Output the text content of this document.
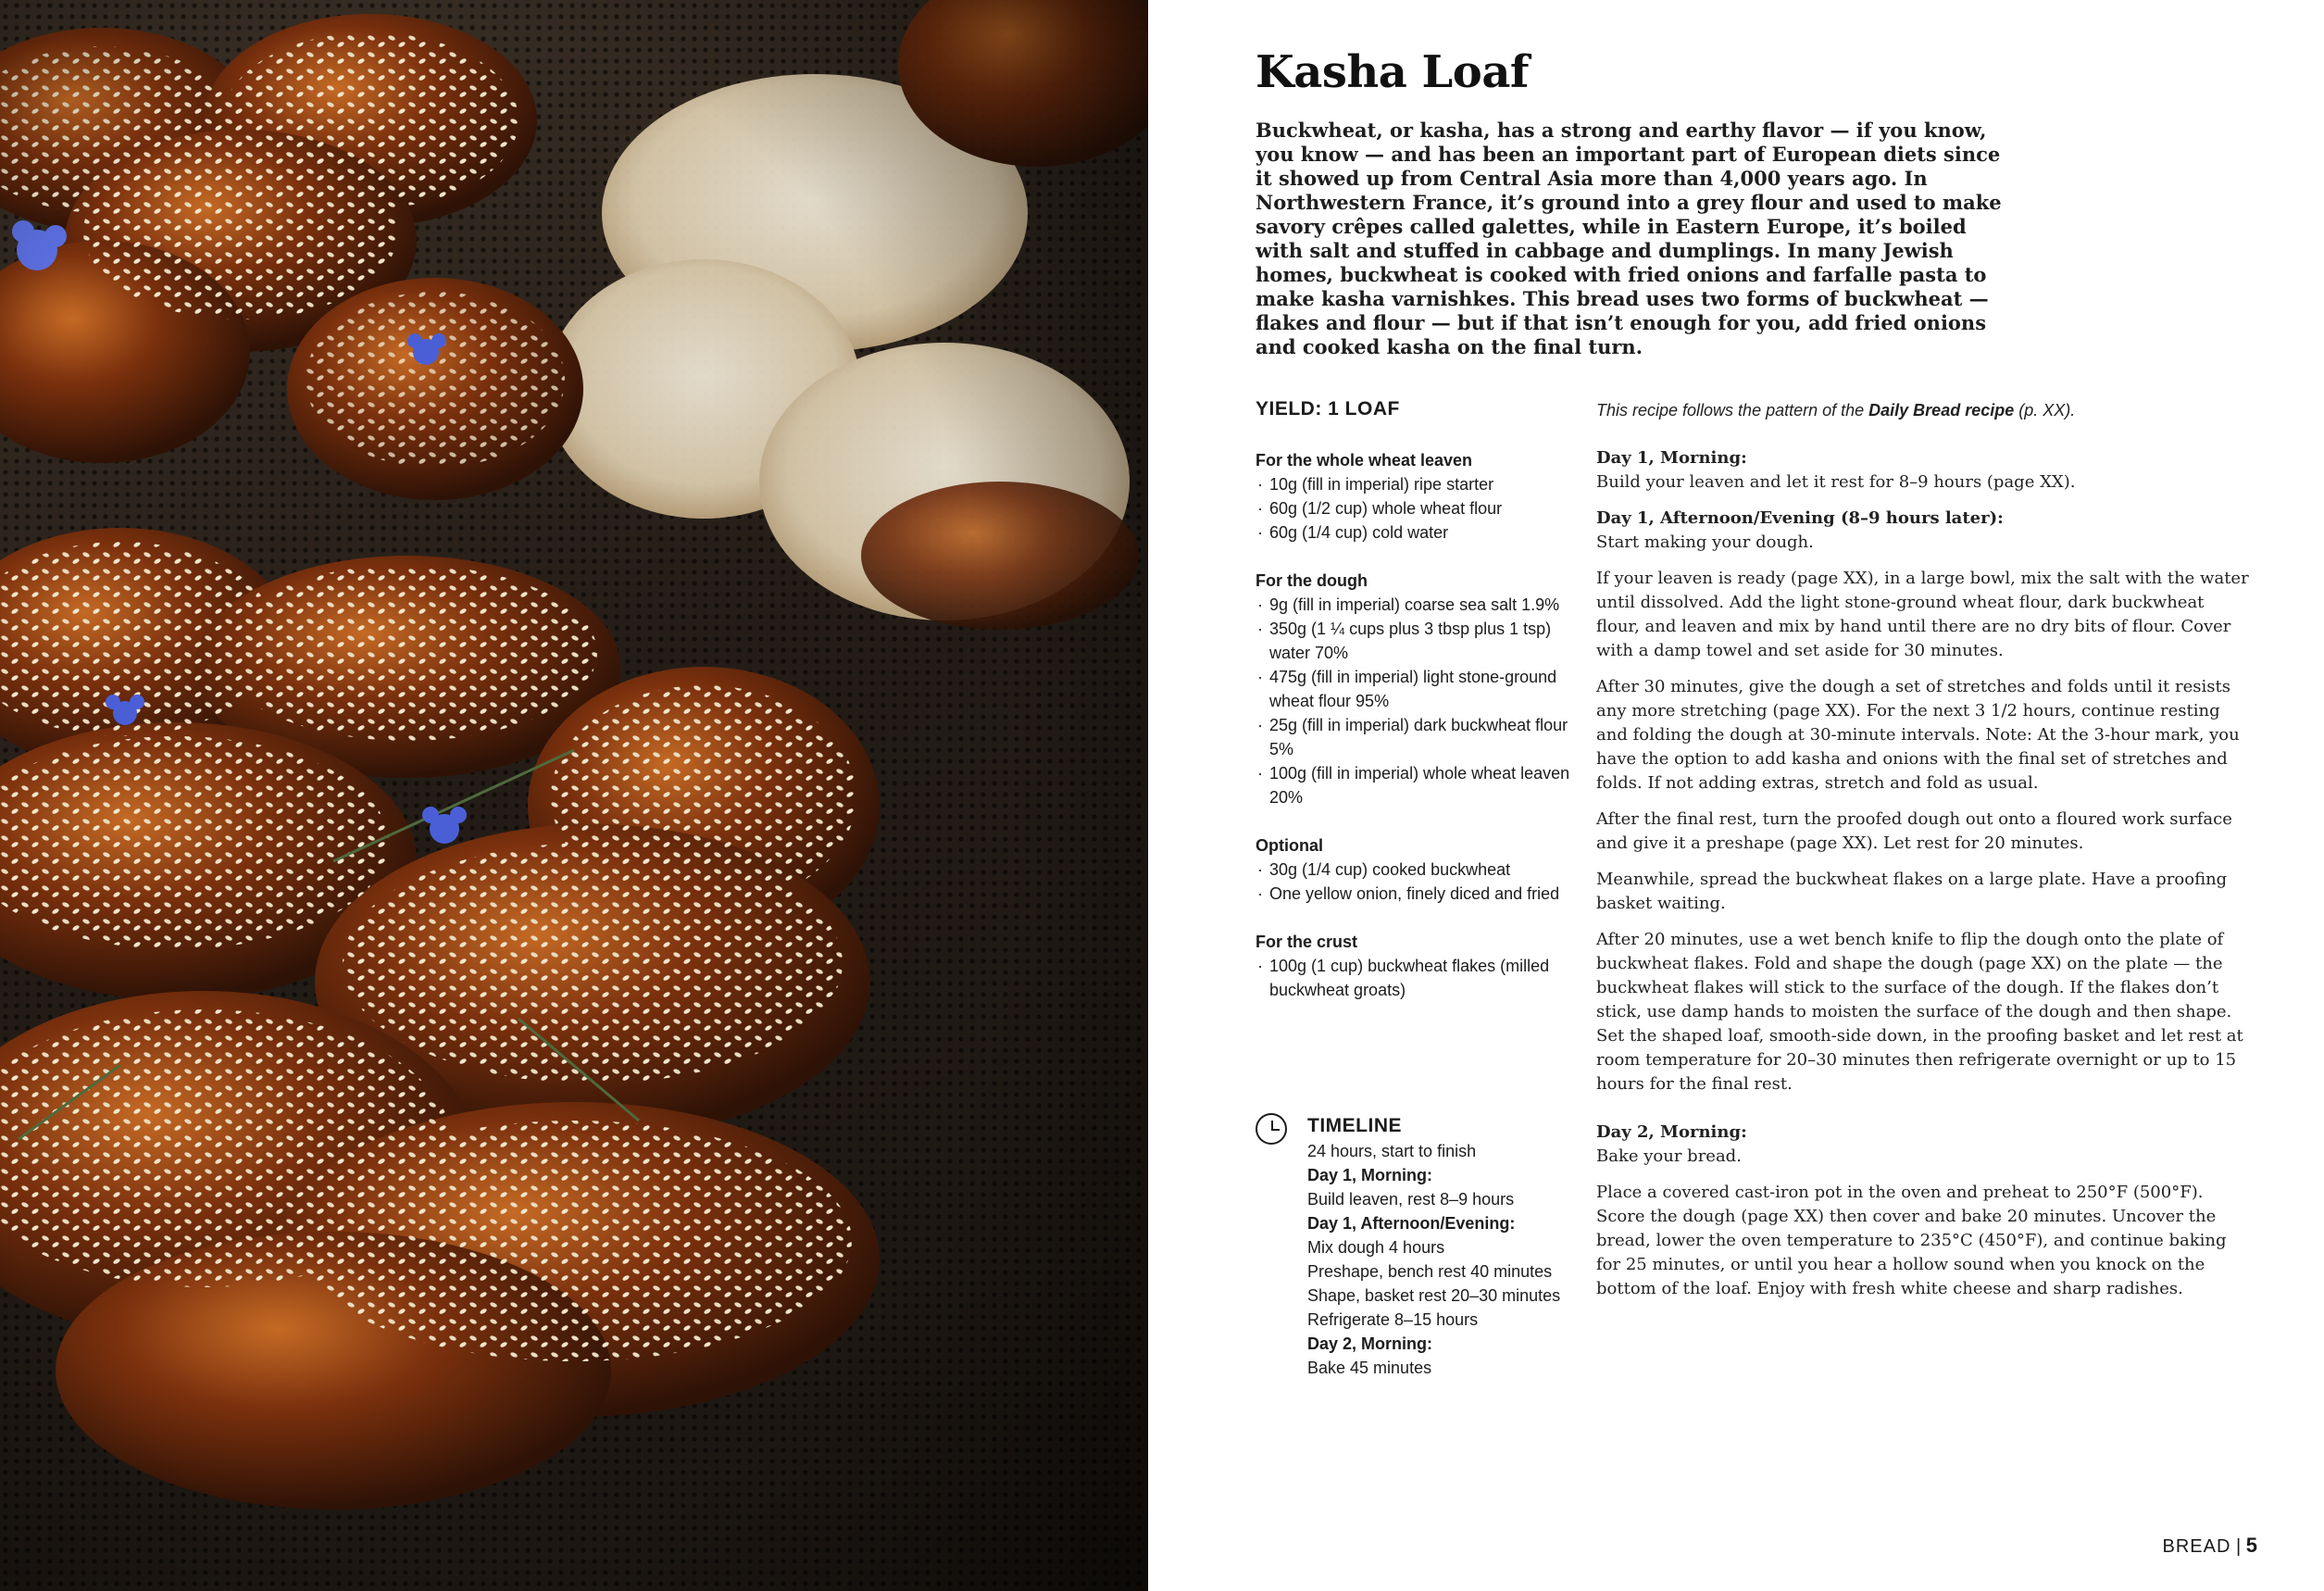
Kasha Loaf
Buckwheat, or kasha, has a strong and earthy flavor — if you know, you know — and has been an important part of European diets since it showed up from Central Asia more than 4,000 years ago. In Northwestern France, it’s ground into a grey flour and used to make savory crêpes called galettes, while in Eastern Europe, it’s boiled with salt and stuffed in cabbage and dumplings. In many Jewish homes, buckwheat is cooked with fried onions and farfalle pasta to make kasha varnishkes. This bread uses two forms of buckwheat — flakes and flour — but if that isn’t enough for you, add fried onions and cooked kasha on the final turn.
YIELD: 1 LOAF
For the whole wheat leaven
· 10g (fill in imperial) ripe starter
· 60g (1/2 cup) whole wheat flour
· 60g (1/4 cup) cold water
For the dough
· 9g (fill in imperial) coarse sea salt 1.9%
· 350g (1 ¼ cups plus 3 tbsp plus 1 tsp) water 70%
· 475g (fill in imperial) light stone-ground wheat flour 95%
· 25g (fill in imperial) dark buckwheat flour 5%
· 100g (fill in imperial) whole wheat leaven 20%
Optional
· 30g (1/4 cup) cooked buckwheat
· One yellow onion, finely diced and fried
For the crust
· 100g (1 cup) buckwheat flakes (milled buckwheat groats)
TIMELINE
24 hours, start to finish
Day 1, Morning:
Build leaven, rest 8–9 hours
Day 1, Afternoon/Evening:
Mix dough 4 hours
Preshape, bench rest 40 minutes
Shape, basket rest 20–30 minutes
Refrigerate 8–15 hours
Day 2, Morning:
Bake 45 minutes
This recipe follows the pattern of the Daily Bread recipe (p. XX).

Day 1, Morning:

Build your leaven and let it rest for 8–9 hours (page XX).

Day 1, Afternoon/Evening (8–9 hours later):

Start making your dough.

If your leaven is ready (page XX), in a large bowl, mix the salt with the water until dissolved. Add the light stone-ground wheat flour, dark buckwheat flour, and leaven and mix by hand until there are no dry bits of flour. Cover with a damp towel and set aside for 30 minutes.

After 30 minutes, give the dough a set of stretches and folds until it resists any more stretching (page XX). For the next 3 1/2 hours, continue resting and folding the dough at 30-minute intervals. Note: At the 3-hour mark, you have the option to add kasha and onions with the final set of stretches and folds. If not adding extras, stretch and fold as usual.

After the final rest, turn the proofed dough out onto a floured work surface and give it a preshape (page XX). Let rest for 20 minutes.

Meanwhile, spread the buckwheat flakes on a large plate. Have a proofing basket waiting.

After 20 minutes, use a wet bench knife to flip the dough onto the plate of buckwheat flakes. Fold and shape the dough (page XX) on the plate — the buckwheat flakes will stick to the surface of the dough. If the flakes don’t stick, use damp hands to moisten the surface of the dough and then shape. Set the shaped loaf, smooth-side down, in the proofing basket and let rest at room temperature for 20–30 minutes then refrigerate overnight or up to 15 hours for the final rest.

Day 2, Morning:

Bake your bread.

Place a covered cast-iron pot in the oven and preheat to 250°F (500°F). Score the dough (page XX) then cover and bake 20 minutes. Uncover the bread, lower the oven temperature to 235°C (450°F), and continue baking for 25 minutes, or until you hear a hollow sound when you knock on the bottom of the loaf. Enjoy with fresh white cheese and sharp radishes.

BREAD | 5
